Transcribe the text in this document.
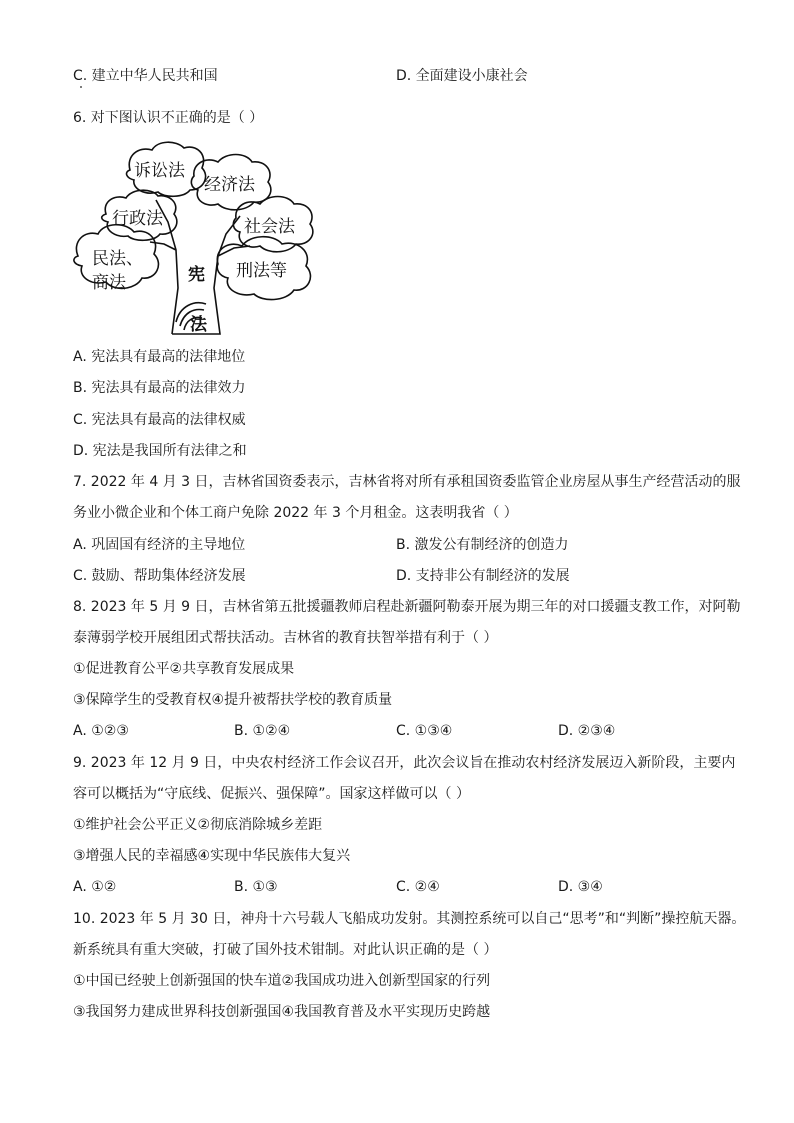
C. 建立中华人民共和国	D. 全面建设小康社会
6. 对下图认识不正确的是（ ）
诉讼法
经济法
行政法	社会法
民法、
商法
刑法等
宪
法
A. 宪法具有最高的法律地位
B. 宪法具有最高的法律效力
C. 宪法具有最高的法律权威
D. 宪法是我国所有法律之和
7. 2022 年 4 月 3 日，吉林省国资委表示，吉林省将对所有承租国资委监管企业房屋从事生产经营活动的服
务业小微企业和个体工商户免除 2022 年 3 个月租金。这表明我省（ ）
A. 巩固国有经济的主导地位	B. 激发公有制经济的创造力
C. 鼓励、帮助集体经济发展	D. 支持非公有制经济的发展
8. 2023 年 5 月 9 日，吉林省第五批援疆教师启程赴新疆阿勒泰开展为期三年的对口援疆支教工作，对阿勒
泰薄弱学校开展组团式帮扶活动。吉林省的教育扶智举措有利于（ ）
①促进教育公平②共享教育发展成果
③保障学生的受教育权④提升被帮扶学校的教育质量
A. ①②③	B. ①②④	C. ①③④	D. ②③④
9. 2023 年 12 月 9 日，中央农村经济工作会议召开，此次会议旨在推动农村经济发展迈入新阶段，主要内
容可以概括为“守底线、促振兴、强保障”。国家这样做可以（ ）
①维护社会公平正义②彻底消除城乡差距
③增强人民的幸福感④实现中华民族伟大复兴
A. ①②	B. ①③	C. ②④	D. ③④
10. 2023 年 5 月 30 日，神舟十六号载人飞船成功发射。其测控系统可以自己“思考”和“判断”操控航天器。
新系统具有重大突破，打破了国外技术钳制。对此认识正确的是（ ）
①中国已经驶上创新强国的快车道②我国成功进入创新型国家的行列
③我国努力建成世界科技创新强国④我国教育普及水平实现历史跨越
